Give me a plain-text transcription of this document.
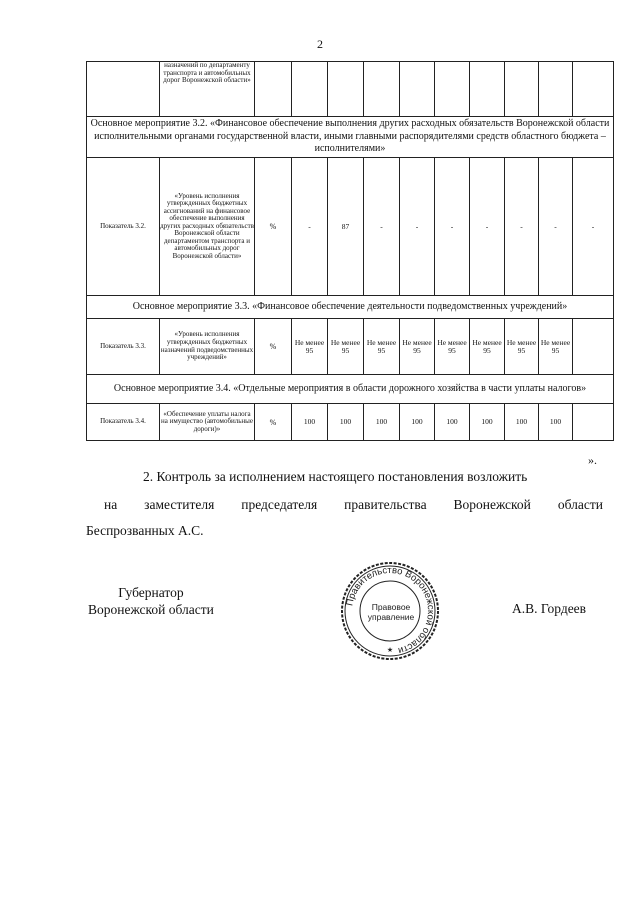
2
	назначений по департаменту транспорта и автомобильных дорог Воронежской области»										
Основное мероприятие 3.2. «Финансовое обеспечение выполнения других расходных обязательств Воронежской области исполнительными органами государственной власти, иными главными распорядителями средств областного бюджета – исполнителями»											
Показатель 3.2.	«Уровень исполнения утвержденных бюджетных ассигнований на финансовое обеспечение выполнения других расходных обязательств Воронежской области департаментом транспорта и автомобильных дорог Воронежской области»	%	-	87	-	-	-	-	-	-	-
Основное мероприятие 3.3. «Финансовое обеспечение деятельности подведомственных учреждений»											
Показатель 3.3.	«Уровень исполнения утвержденных бюджетных назначений подведомственных учреждений»	%	Не менее 95	Не менее 95	Не менее 95	Не менее 95	Не менее 95	Не менее 95	Не менее 95	Не менее 95	
Основное мероприятие 3.4. «Отдельные мероприятия в области дорожного хозяйства в части уплаты налогов»											
Показатель 3.4.	«Обеспечение уплаты налога на имущество (автомобильные дороги)»	%	100	100	100	100	100	100	100	100	
».
2. Контроль за исполнением настоящего постановления возложить
на заместителя председателя правительства Воронежской области
Беспрозванных А.С.
Губернатор
Воронежской области	Правительство Воронежской области
Правовое
управление
★
А.В. Гордеев
